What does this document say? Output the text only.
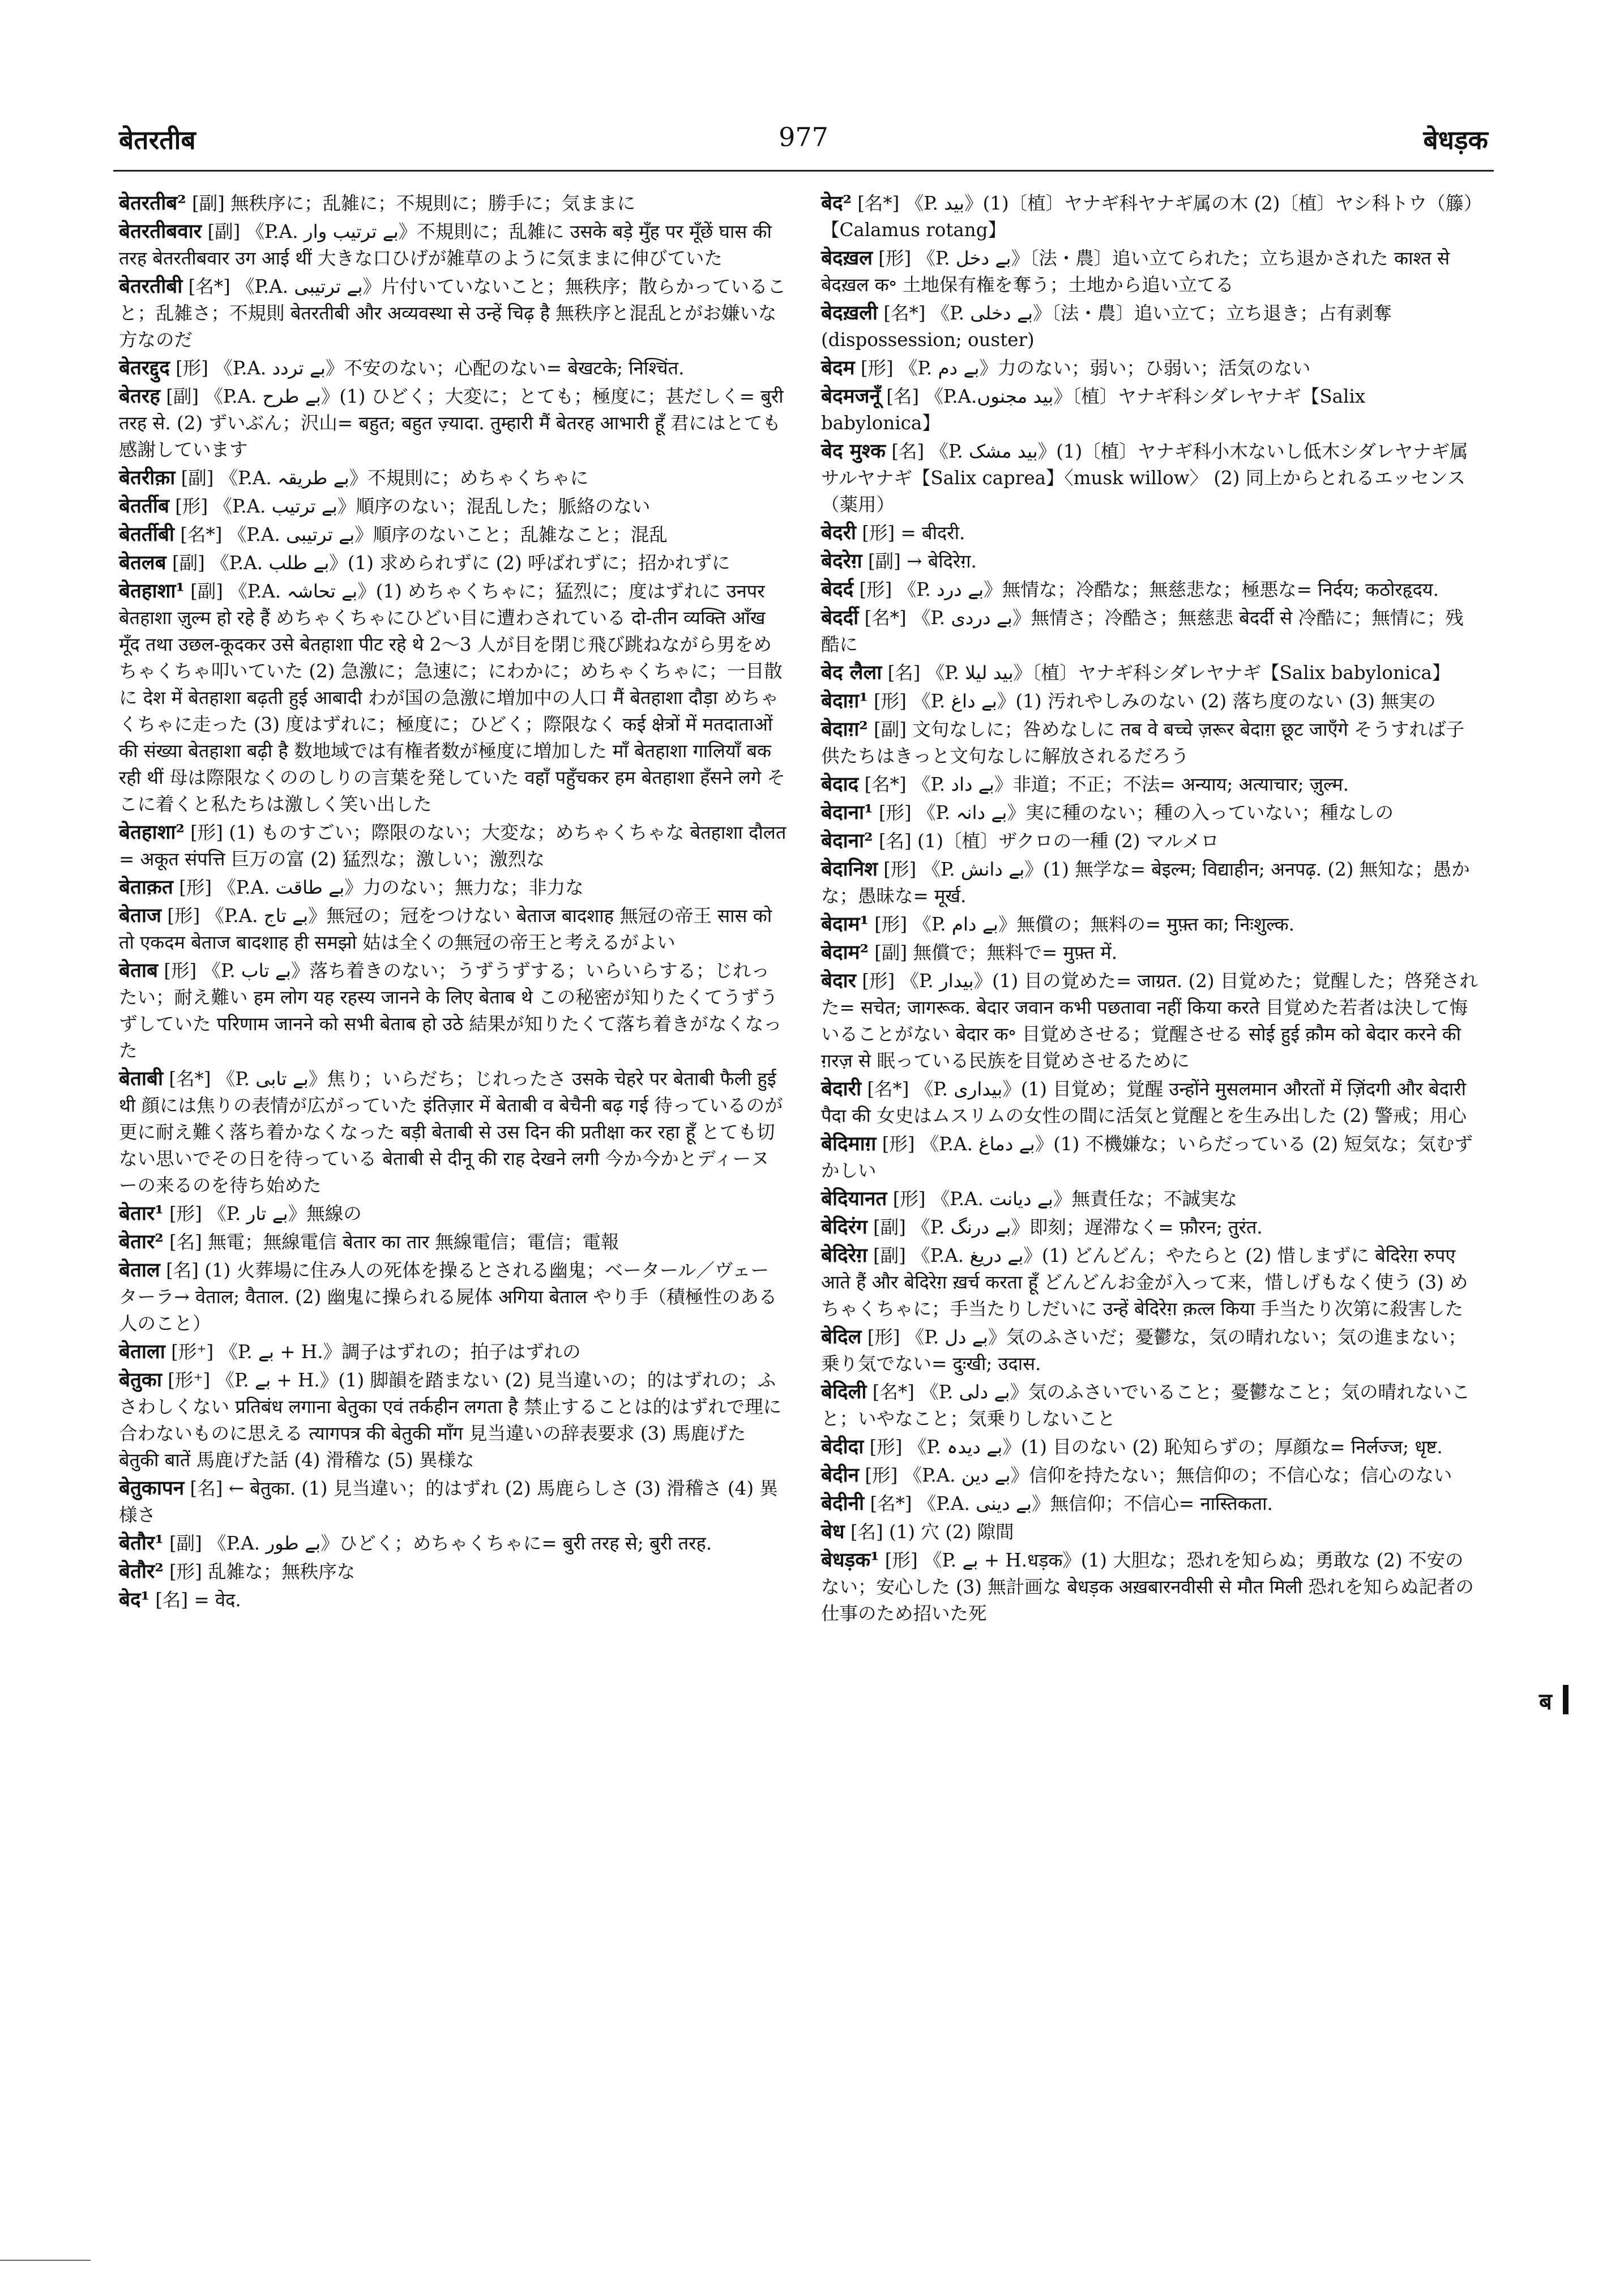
बेतरतीब	977	बेधड़क
बेतरतीब² [副] 無秩序に；乱雑に；不規則に；勝手に；気ままに
बेतरतीबवार [副] 《P.A. بے ترتیب وار》不規則に；乱雑に उसके बड़े मुँह पर मूँछें घास की तरह बेतरतीबवार उग आई थीं 大きな口ひげが雑草のように気ままに伸びていた
बेतरतीबी [名*] 《P.A. بے ترتیبی》片付いていないこと；無秩序；散らかっていること；乱雑さ；不規則 बेतरतीबी और अव्यवस्था से उन्हें चिढ़ है 無秩序と混乱とがお嫌いな方なのだ
बेतरद्दुद [形] 《P.A. بے تردد》不安のない；心配のない= बेखटके; निश्चिंत.
बेतरह [副] 《P.A. بے طرح》(1) ひどく；大変に；とても；極度に；甚だしく= बुरी तरह से. (2) ずいぶん；沢山= बहुत; बहुत ज़्यादा. तुम्हारी मैं बेतरह आभारी हूँ 君にはとても感謝しています
बेतरीक़ा [副] 《P.A. بے طریقہ》不規則に；めちゃくちゃに
बेतर्तीब [形] 《P.A. بے ترتیب》順序のない；混乱した；脈絡のない
बेतर्तीबी [名*] 《P.A. بے ترتیبی》順序のないこと；乱雑なこと；混乱
बेतलब [副] 《P.A. بے طلب》(1) 求められずに (2) 呼ばれずに；招かれずに
बेतहाशा¹ [副] 《P.A. بے تحاشہ》(1) めちゃくちゃに；猛烈に；度はずれに उनपर बेतहाशा ज़ुल्म हो रहे हैं めちゃくちゃにひどい目に遭わされている दो-तीन व्यक्ति आँख मूँद तथा उछल-कूदकर उसे बेतहाशा पीट रहे थे 2～3 人が目を閉じ飛び跳ねながら男をめちゃくちゃ叩いていた (2) 急激に；急速に；にわかに；めちゃくちゃに；一目散に देश में बेतहाशा बढ़ती हुई आबादी わが国の急激に増加中の人口 मैं बेतहाशा दौड़ा めちゃくちゃに走った (3) 度はずれに；極度に；ひどく；際限なく कई क्षेत्रों में मतदाताओं की संख्या बेतहाशा बढ़ी है 数地域では有権者数が極度に増加した माँ बेतहाशा गालियाँ बक रही थीं 母は際限なくののしりの言葉を発していた वहाँ पहुँचकर हम बेतहाशा हँसने लगे そこに着くと私たちは激しく笑い出した
बेतहाशा² [形] (1) ものすごい；際限のない；大変な；めちゃくちゃな बेतहाशा दौलत = अकूत संपत्ति 巨万の富 (2) 猛烈な；激しい；激烈な
बेताक़त [形] 《P.A. بے طاقت》力のない；無力な；非力な
बेताज [形] 《P.A. بے تاج》無冠の；冠をつけない बेताज बादशाह 無冠の帝王 सास को तो एकदम बेताज बादशाह ही समझो 姑は全くの無冠の帝王と考えるがよい
बेताब [形] 《P. بے تاب》落ち着きのない；うずうずする；いらいらする；じれったい；耐え難い हम लोग यह रहस्य जानने के लिए बेताब थे この秘密が知りたくてうずうずしていた परिणाम जानने को सभी बेताब हो उठे 結果が知りたくて落ち着きがなくなった
बेताबी [名*] 《P. بے تابی》焦り；いらだち；じれったさ उसके चेहरे पर बेताबी फैली हुई थी 顔には焦りの表情が広がっていた इंतिज़ार में बेताबी व बेचैनी बढ़ गई 待っているのが更に耐え難く落ち着かなくなった बड़ी बेताबी से उस दिन की प्रतीक्षा कर रहा हूँ とても切ない思いでその日を待っている बेताबी से दीनू की राह देखने लगी 今か今かとディーヌーの来るのを待ち始めた
बेतार¹ [形] 《P. بے تار》無線の
बेतार² [名] 無電；無線電信 बेतार का तार 無線電信；電信；電報
बेताल [名] (1) 火葬場に住み人の死体を操るとされる幽鬼；ベータール／ヴェーターラ→ वेताल; वैताल. (2) 幽鬼に操られる屍体 अगिया बेताल やり手（積極性のある人のこと）
बेताला [形⁺] 《P. بے + H.》調子はずれの；拍子はずれの
बेतुका [形⁺] 《P. بے + H.》(1) 脚韻を踏まない (2) 見当違いの；的はずれの；ふさわしくない प्रतिबंध लगाना बेतुका एवं तर्कहीन लगता है 禁止することは的はずれで理に合わないものに思える त्यागपत्र की बेतुकी माँग 見当違いの辞表要求 (3) 馬鹿げた बेतुकी बातें 馬鹿げた話 (4) 滑稽な (5) 異様な
बेतुकापन [名] ← बेतुका. (1) 見当違い；的はずれ (2) 馬鹿らしさ (3) 滑稽さ (4) 異様さ
बेतौर¹ [副] 《P.A. بے طور》ひどく；めちゃくちゃに= बुरी तरह से; बुरी तरह.
बेतौर² [形] 乱雑な；無秩序な
बेद¹ [名] = वेद.
बेद² [名*] 《P. بید》(1)〔植〕ヤナギ科ヤナギ属の木 (2)〔植〕ヤシ科トウ（籐）【Calamus rotang】
बेदख़ल [形] 《P. بے دخل》〔法・農〕追い立てられた；立ち退かされた काश्त से बेदख़ल क॰ 土地保有権を奪う；土地から追い立てる
बेदख़ली [名*] 《P. بے دخلی》〔法・農〕追い立て；立ち退き；占有剥奪 (dispossession; ouster)
बेदम [形] 《P. بے دم》力のない；弱い；ひ弱い；活気のない
बेदमजनूँ [名] 《P.A.بید مجنوں》〔植〕ヤナギ科シダレヤナギ【Salix babylonica】
बेद मुश्क [名] 《P. بید مشک》(1)〔植〕ヤナギ科小木ないし低木シダレヤナギ属サルヤナギ【Salix caprea】〈musk willow〉 (2) 同上からとれるエッセンス（薬用）
बेदरी [形] = बीदरी.
बेदरेग़ [副] → बेदिरेग़.
बेदर्द [形] 《P. بے درد》無情な；冷酷な；無慈悲な；極悪な= निर्दय; कठोरहृदय.
बेदर्दी [名*] 《P. بے دردی》無情さ；冷酷さ；無慈悲 बेदर्दी से 冷酷に；無情に；残酷に
बेद लैला [名] 《P. بید لیلا》〔植〕ヤナギ科シダレヤナギ【Salix babylonica】
बेदाग़¹ [形] 《P. بے داغ》(1) 汚れやしみのない (2) 落ち度のない (3) 無実の
बेदाग़² [副] 文句なしに；咎めなしに तब वे बच्चे ज़रूर बेदाग़ छूट जाएँगे そうすれば子供たちはきっと文句なしに解放されるだろう
बेदाद [名*] 《P. بے داد》非道；不正；不法= अन्याय; अत्याचार; ज़ुल्म.
बेदाना¹ [形] 《P. بے دانہ》実に種のない；種の入っていない；種なしの
बेदाना² [名] (1)〔植〕ザクロの一種 (2) マルメロ
बेदानिश [形] 《P. بے دانش》(1) 無学な= बेइल्म; विद्याहीन; अनपढ़. (2) 無知な；愚かな；愚昧な= मूर्ख.
बेदाम¹ [形] 《P. بے دام》無償の；無料の= मुफ़्त का; निःशुल्क.
बेदाम² [副] 無償で；無料で= मुफ़्त में.
बेदार [形] 《P. بیدار》(1) 目の覚めた= जाग्रत. (2) 目覚めた；覚醒した；啓発された= सचेत; जागरूक. बेदार जवान कभी पछतावा नहीं किया करते 目覚めた若者は決して悔いることがない बेदार क॰ 目覚めさせる；覚醒させる सोई हुई क़ौम को बेदार करने की ग़रज़ से 眠っている民族を目覚めさせるために
बेदारी [名*] 《P. بیداری》(1) 目覚め；覚醒 उन्होंने मुसलमान औरतों में ज़िंदगी और बेदारी पैदा की 女史はムスリムの女性の間に活気と覚醒とを生み出した (2) 警戒；用心
बेदिमाग़ [形] 《P.A. بے دماغ》(1) 不機嫌な；いらだっている (2) 短気な；気むずかしい
बेदियानत [形] 《P.A. بے دیانت》無責任な；不誠実な
बेदिरंग [副] 《P. بے درنگ》即刻；遅滞なく= फ़ौरन; तुरंत.
बेदिरेग़ [副] 《P.A. بے دریغ》(1) どんどん；やたらと (2) 惜しまずに बेदिरेग़ रुपए आते हैं और बेदिरेग़ ख़र्च करता हूँ どんどんお金が入って来，惜しげもなく使う (3) めちゃくちゃに；手当たりしだいに उन्हें बेदिरेग़ क़त्ल किया 手当たり次第に殺害した
बेदिल [形] 《P. بے دل》気のふさいだ；憂鬱な，気の晴れない；気の進まない；乗り気でない= दुःखी; उदास.
बेदिली [名*] 《P. بے دلی》気のふさいでいること；憂鬱なこと；気の晴れないこと；いやなこと；気乗りしないこと
बेदीदा [形] 《P. بے دیدہ》(1) 目のない (2) 恥知らずの；厚顔な= निर्लज्ज; धृष्ट.
बेदीन [形] 《P.A. بے دین》信仰を持たない；無信仰の；不信心な；信心のない
बेदीनी [名*] 《P.A. بے دینی》無信仰；不信心= नास्तिकता.
बेध [名] (1) 穴 (2) 隙間
बेधड़क¹ [形] 《P. بے + H.धड़क》(1) 大胆な；恐れを知らぬ；勇敢な (2) 不安のない；安心した (3) 無計画な बेधड़क अख़बारनवीसी से मौत मिली 恐れを知らぬ記者の仕事のため招いた死
ब
